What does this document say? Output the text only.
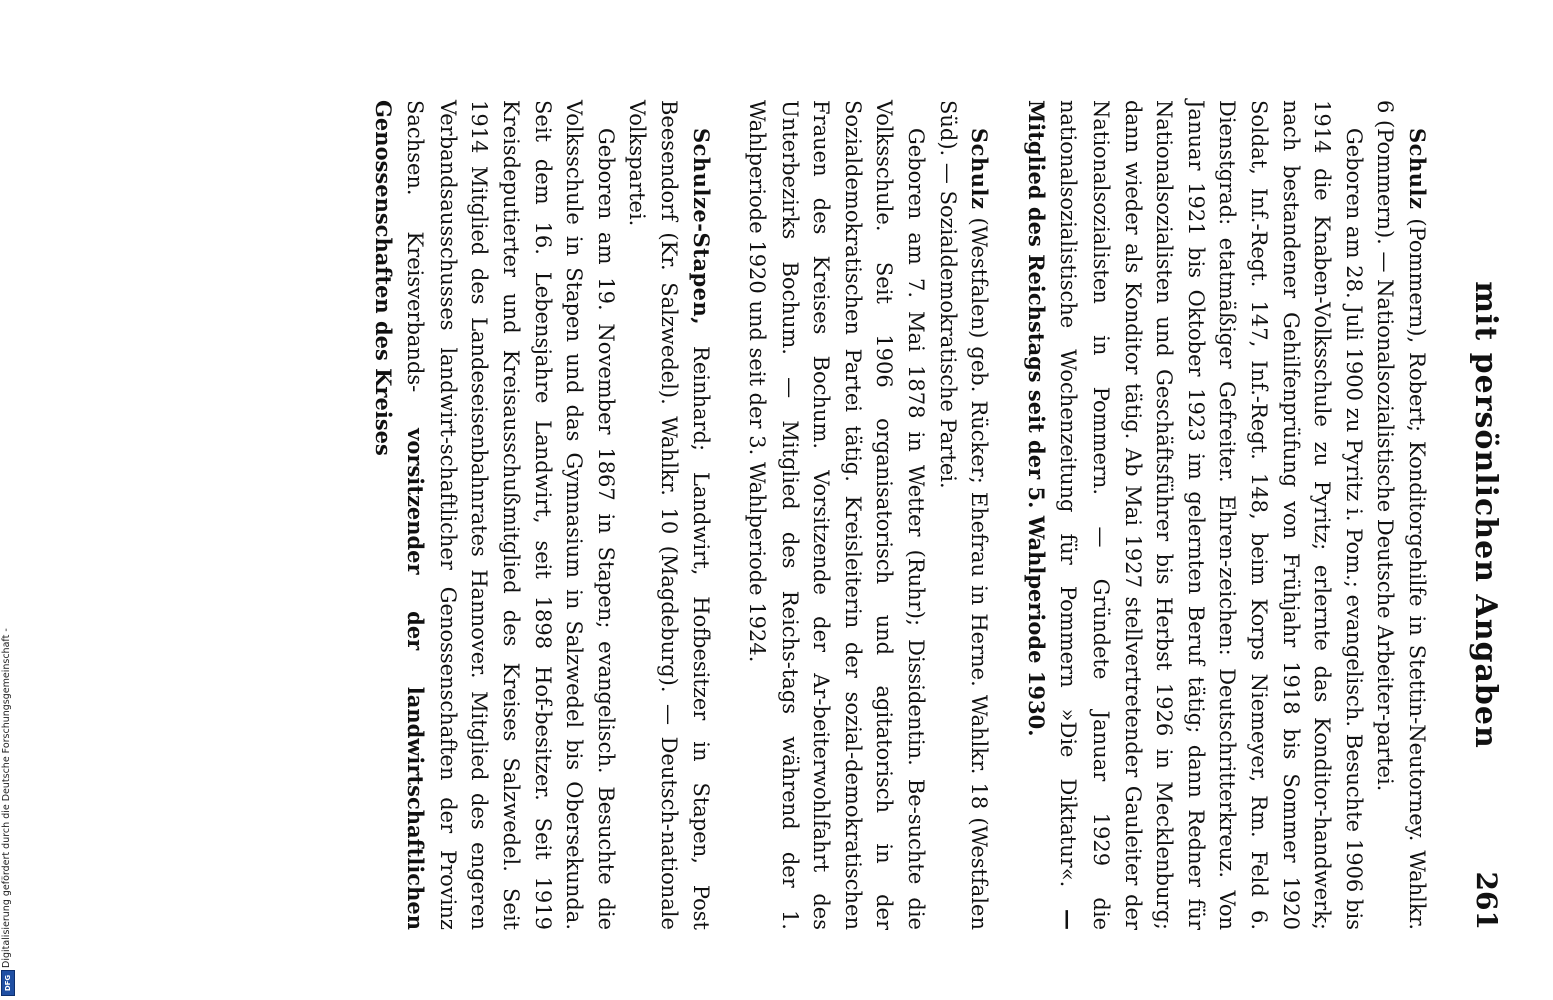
mit persönlichen Angaben
261

Schulz (Pommern), Robert; Konditorgehilfe in Stettin-Neutorney. Wahlkr. 6 (Pommern). — Nationalsozialistische Deutsche Arbeiter-partei.

Geboren am 28. Juli 1900 zu Pyritz i. Pom.; evangelisch. Besuchte 1906 bis 1914 die Knaben-Volksschule zu Pyritz; erlernte das Konditor-handwerk; nach bestandener Gehilfenprüfung von Frühjahr 1918 bis Sommer 1920 Soldat, Inf.-Regt. 147, Inf.-Regt. 148, beim Korps Niemeyer, Rm. Feld 6. Dienstgrad: etatmäßiger Gefreiter. Ehren-zeichen: Deutschritterkreuz. Von Januar 1921 bis Oktober 1923 im gelernten Beruf tätig; dann Redner für Nationalsozialisten und Geschäftsführer bis Herbst 1926 in Mecklenburg; dann wieder als Konditor tätig. Ab Mai 1927 stellvertretender Gauleiter der Nationalsozialisten in Pommern. — Gründete Januar 1929 die nationalsozialistische Wochenzeitung für Pommern »Die Diktatur«. — Mitglied des Reichstags seit der 5. Wahlperiode 1930.

Schulz (Westfalen) geb. Rücker; Ehefrau in Herne. Wahlkr. 18 (Westfalen Süd). — Sozialdemokratische Partei.

Geboren am 7. Mai 1878 in Wetter (Ruhr); Dissidentin. Be-suchte die Volksschule. Seit 1906 organisatorisch und agitatorisch in der Sozialdemokratischen Partei tätig. Kreisleiterin der sozial-demokratischen Frauen des Kreises Bochum. Vorsitzende der Ar-beiterwohlfahrt des Unterbezirks Bochum. — Mitglied des Reichs-tags während der 1. Wahlperiode 1920 und seit der 3. Wahlperiode 1924.

Schulze-Stapen, Reinhard; Landwirt, Hofbesitzer in Stapen, Post Beesendorf (Kr. Salzwedel). Wahlkr. 10 (Magdeburg). — Deutsch-nationale Volkspartei.

Geboren am 19. November 1867 in Stapen; evangelisch. Besuchte die Volksschule in Stapen und das Gymnasium in Salzwedel bis Obersekunda. Seit dem 16. Lebensjahre Landwirt, seit 1898 Hof-besitzer. Seit 1919 Kreisdeputierter und Kreisausschußmitglied des Kreises Salzwedel. Seit 1914 Mitglied des Landeseisenbahnrates Hannover. Mitglied des engeren Verbandsausschusses landwirt-schaftlicher Genossenschaften der Provinz Sachsen. Kreisverbands- vorsitzender der landwirtschaftlichen Genossenschaften des Kreises

Digitalisierung gefördert durch die Deutsche Forschungsgemeinschaft -
DFG
